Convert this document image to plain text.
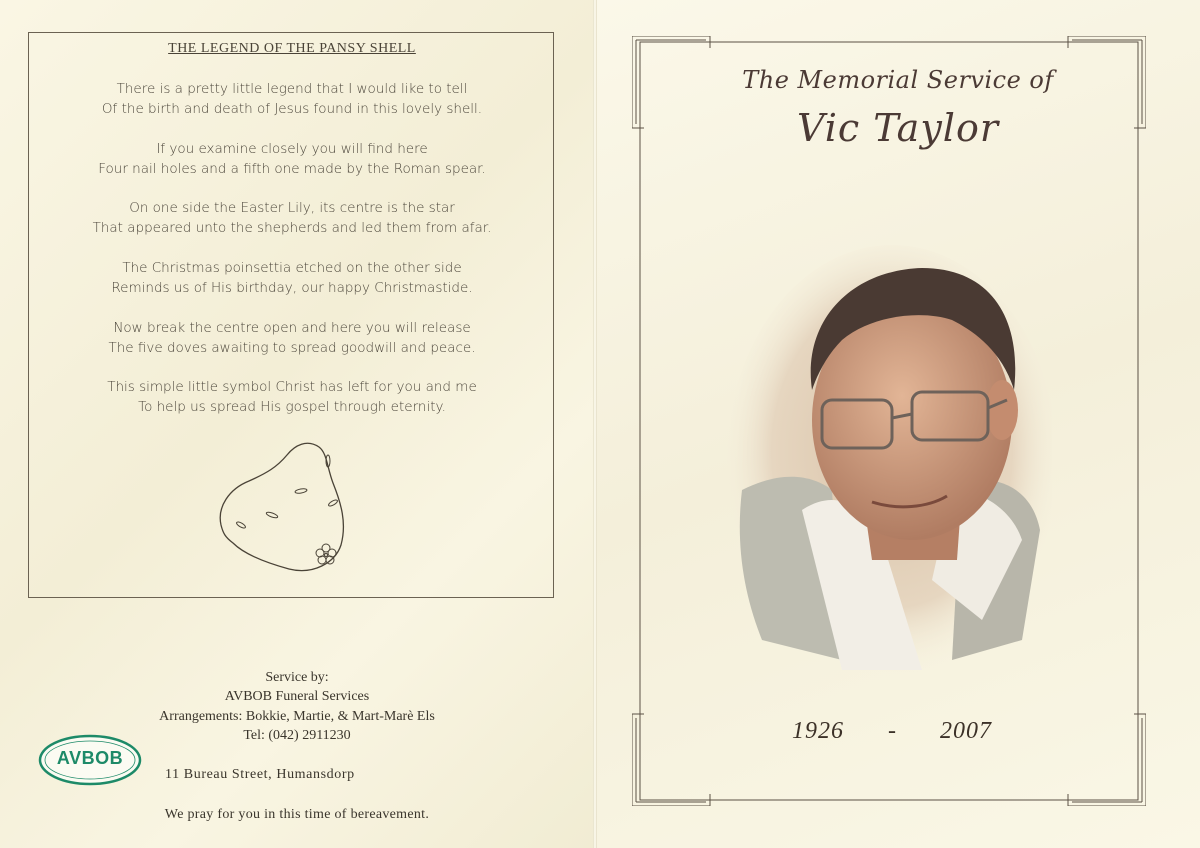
THE LEGEND OF THE PANSY SHELL
There is a pretty little legend that I would like to tell
Of the birth and death of Jesus found in this lovely shell.
If you examine closely you will find here
Four nail holes and a fifth one made by the Roman spear.
On one side the Easter Lily, its centre is the star
That appeared unto the shepherds and led them from afar.
The Christmas poinsettia etched on the other side
Reminds us of His birthday, our happy Christmastide.
Now break the centre open and here you will release
The five doves awaiting to spread goodwill and peace.
This simple little symbol Christ has left for you and me
To help us spread His gospel through eternity.
Service by:
AVBOB Funeral Services
Arrangements: Bokkie, Martie, & Mart-Marè Els
Tel: (042) 2911230
AVBOB
11 Bureau Street, Humansdorp
We pray for you in this time of bereavement.
The Memorial Service of
Vic Taylor
1926 - 2007
